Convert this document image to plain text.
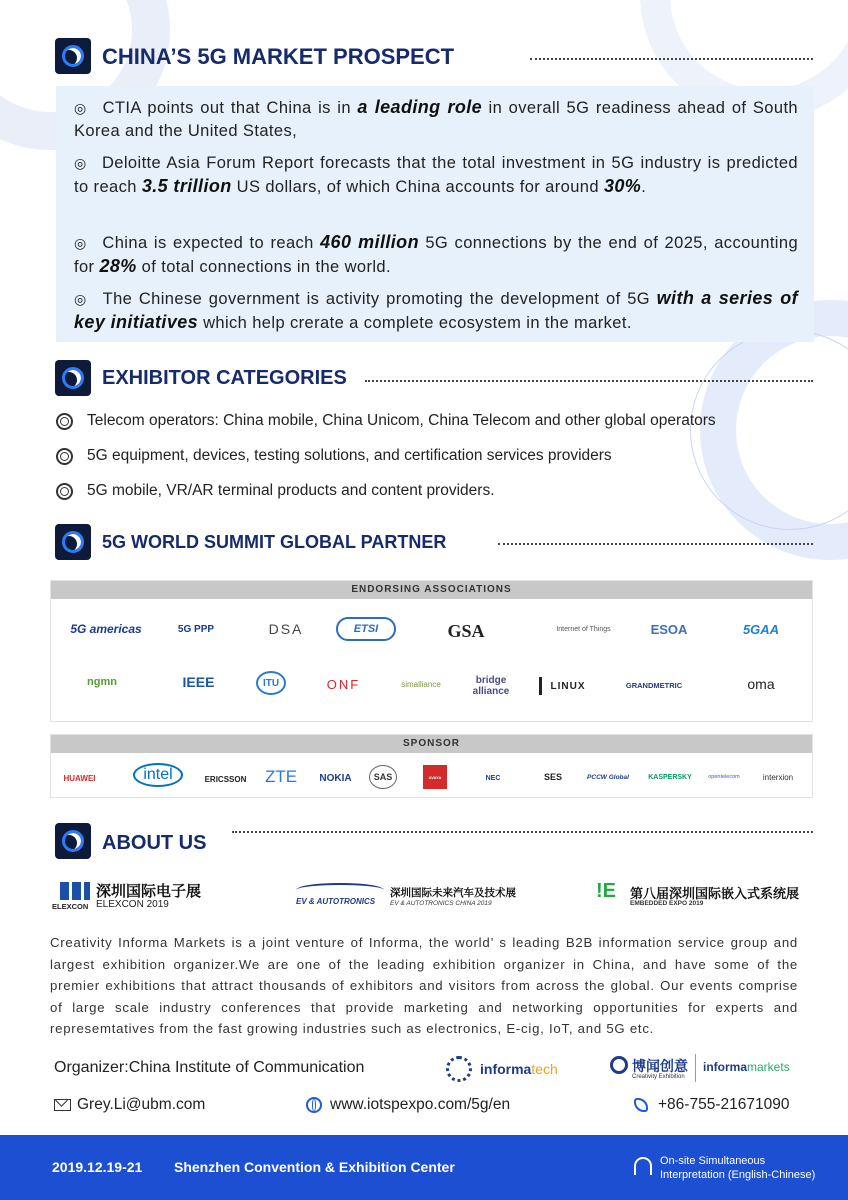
CHINA’S 5G MARKET PROSPECT

◎ CTIA points out that China is in a leading role in overall 5G readiness ahead of South Korea and the United States,

◎ Deloitte Asia Forum Report forecasts that the total investment in 5G industry is predicted to reach 3.5 trillion US dollars, of which China accounts for around 30%.

◎ China is expected to reach 460 million 5G connections by the end of 2025, accounting for 28% of total connections in the world.

◎ The Chinese government is activity promoting the development of 5G with a series of key initiatives which help crerate a complete ecosystem in the market.

EXHIBITOR CATEGORIES
Telecom operators: China mobile, China Unicom, China Telecom and other global operators
5G equipment, devices, testing solutions, and certification services providers
5G mobile, VR/AR terminal products and content providers.
5G WORLD SUMMIT GLOBAL PARTNER
ENDORSING ASSOCIATIONS
5G americas	5G PPP	DSA	ETSI	GSA	Internet of Things	ESOA	5GAA
ngmn	IEEE	ITU	ONF	simalliance	bridge alliance	LINUX	GRANDMETRIC	oma
SPONSOR
HUAWEI	intel	ERICSSON ZTE	NOKIA	SAS	AVAYA	NEC	SES	PCCW Global	KASPERSKY	opentelecom	interxion
ABOUT US
ELEXCON
深圳国际电子展
ELEXCON 2019	EV & AUTOTRONICS
深圳国际未来汽车及技术展
EV & AUTOTRONICS CHINA 2019
!E 第八届深圳国际嵌入式系统展
EMBEDDED EXPO 2019
Creativity Informa Markets is a joint venture of Informa, the world’ s leading B2B information service group and largest exhibition organizer.We are one of the leading exhibition organizer in China, and have some of the premier exhibitions that attract thousands of exhibitors and visitors from across the global. Our events comprise of large scale industry conferences that provide marketing and networking opportunities for experts and represemtatives from the fast growing industries such as electronics, E-cig, IoT, and 5G etc.
Organizer:China Institute of Communication	informa tech	博闻创意
Creativity Exhibition
informamarkets
Grey.Li@ubm.com	www.iotspexpo.com/5g/en	+86-755-21671090
2019.12.19-21 Shenzhen Convention & Exhibition Center	On-site Simultaneous
Interpretation (English-Chinese)
